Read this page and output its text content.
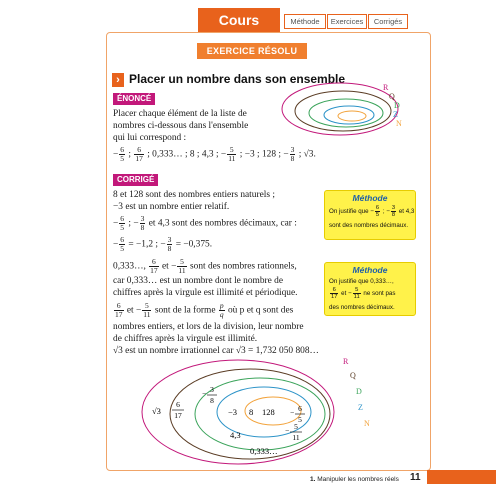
Cours	Méthode	Exercices	Corrigés
EXERCICE RÉSOLU
› Placer un nombre dans son ensemble
ÉNONCÉ
Placer chaque élément de la liste de
nombres ci-dessous dans l'ensemble
qui lui correspond :
− $\frac{6}{5}$ ; $\frac{6}{17}$ ; 0,333… ; 8 ; 4,3 ; − $\frac{5}{11}$ ; −3 ; 128 ; − $\frac{3}{8}$ ; √3.
CORRIGÉ
8 et 128 sont des nombres entiers naturels ;
−3 est un nombre entier relatif.
− $\frac{6}{5}$ ; − $\frac{3}{8}$ et 4,3 sont des nombres décimaux, car :
− $\frac{6}{5} = -1,2$ ; − $\frac{3}{8} = -0,375$.
0,333…, $\frac{6}{17}$ et − $\frac{5}{11}$ sont des nombres rationnels,
car 0,333… est un nombre dont le nombre de
chiffres après la virgule est illimité et périodique.
$\frac{6}{17}$ et − $\frac{5}{11}$ sont de la forme $\frac{p}{q}$ où p et q sont des
nombres entiers, et lors de la division, leur nombre
de chiffres après la virgule est illimité.
√3 est un nombre irrationnel car √3 = 1,732 050 808…
Méthode
On justifie que − $\frac{6}{5}$ ; − $\frac{3}{8}$ et 4,3
sont des nombres décimaux.
Méthode
On justifie que 0,333…,
$\frac{6}{17}$ et − $\frac{5}{11}$ ne sont pas
des nombres décimaux.
R
Q
D
Z
N
R
Q
D
Z
N
√3
6
17
− 3
8
−3 8 128 − 6
5
− 5
11
4,3
0,333…
1. Manipuler les nombres réels 11
